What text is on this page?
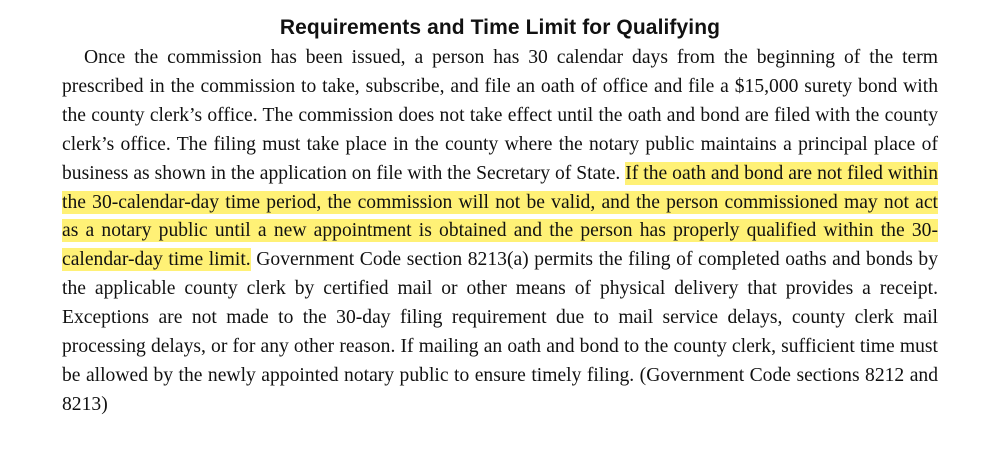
Requirements and Time Limit for Qualifying

Once the commission has been issued, a person has 30 calendar days from the beginning of the term prescribed in the commission to take, subscribe, and file an oath of office and file a $15,000 surety bond with the county clerk’s office. The commission does not take effect until the oath and bond are filed with the county clerk’s office. The filing must take place in the county where the notary public maintains a principal place of business as shown in the application on file with the Secretary of State. If the oath and bond are not filed within the 30-calendar-day time period, the commission will not be valid, and the person commissioned may not act as a notary public until a new appointment is obtained and the person has properly qualified within the 30-calendar-day time limit. Government Code section 8213(a) permits the filing of completed oaths and bonds by the applicable county clerk by certified mail or other means of physical delivery that provides a receipt. Exceptions are not made to the 30-day filing requirement due to mail service delays, county clerk mail processing delays, or for any other reason. If mailing an oath and bond to the county clerk, sufficient time must be allowed by the newly appointed notary public to ensure timely filing. (Government Code sections 8212 and 8213)
